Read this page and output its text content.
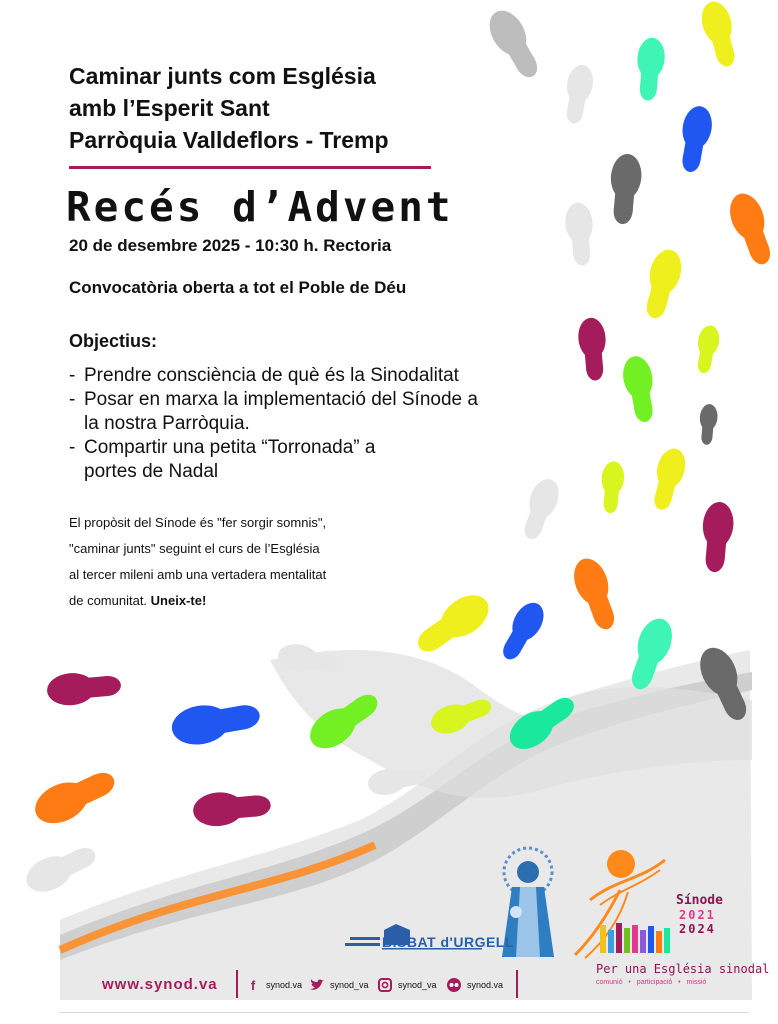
Caminar junts com Església
amb l’Esperit Sant
Parròquia Valldeflors - Tremp
Recés d’Advent
20 de desembre 2025 - 10:30 h. Rectoria
Convocatòria oberta a tot el Poble de Déu
Objectius:
- Prendre consciència de què és la Sinodalitat
- Posar en marxa la implementació del Sínode a la nostra Parròquia.
- Compartir una petita “Torronada” a portes de Nadal
El propòsit del Sínode és "fer sorgir somnis",
"caminar junts" seguint el curs de l’Església
al tercer mileni amb una vertadera mentalitat
de comunitat. Uneix-te!
BISBAT d'URGELL
Sínode
2021
2024
Per una Església sinodal
comunió • participació • missió
www.synod.va	f	synod.va	synod_va	synod_va	synod.va
